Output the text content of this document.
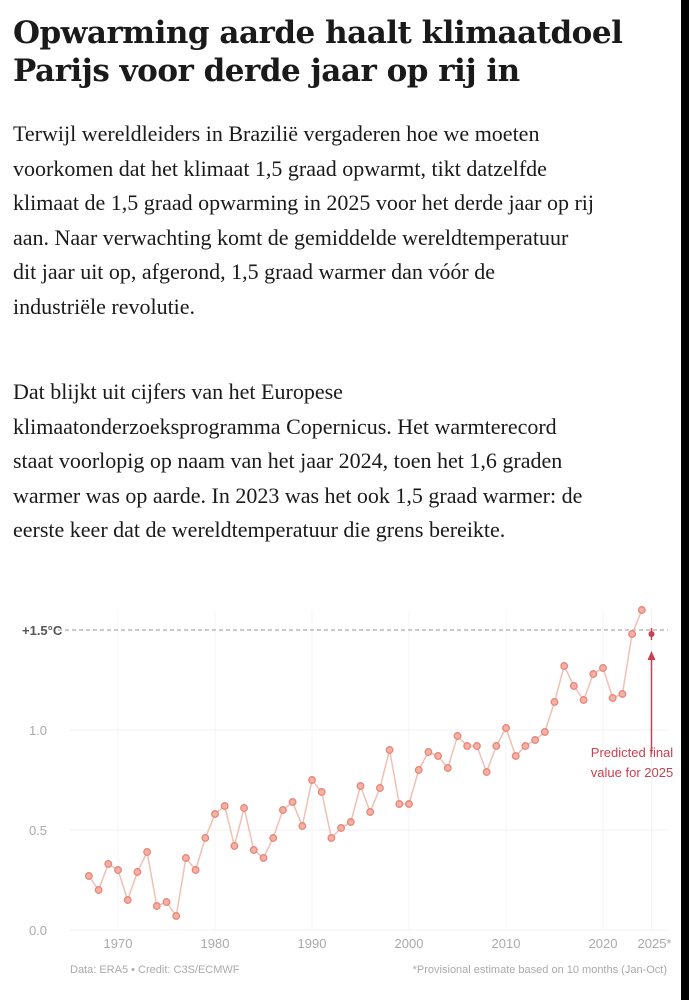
Opwarming aarde haalt klimaatdoel
Parijs voor derde jaar op rij in
Terwijl wereldleiders in Brazilië vergaderen hoe we moeten
voorkomen dat het klimaat 1,5 graad opwarmt, tikt datzelfde
klimaat de 1,5 graad opwarming in 2025 voor het derde jaar op rij
aan. Naar verwachting komt de gemiddelde wereldtemperatuur
dit jaar uit op, afgerond, 1,5 graad warmer dan vóór de
industriële revolutie.
Dat blijkt uit cijfers van het Europese
klimaatonderzoeksprogramma Copernicus. Het warmterecord
staat voorlopig op naam van het jaar 2024, toen het 1,6 graden
warmer was op aarde. In 2023 was het ook 1,5 graad warmer: de
eerste keer dat de wereldtemperatuur die grens bereikte.
+1.5°C
0.0
0.5
1.0
1970	1980	1990	2000	2010	2020 2025*
Predicted final
value for 2025
Data: ERA5 • Credit: C3S/ECMWF	*Provisional estimate based on 10 months (Jan-Oct)
